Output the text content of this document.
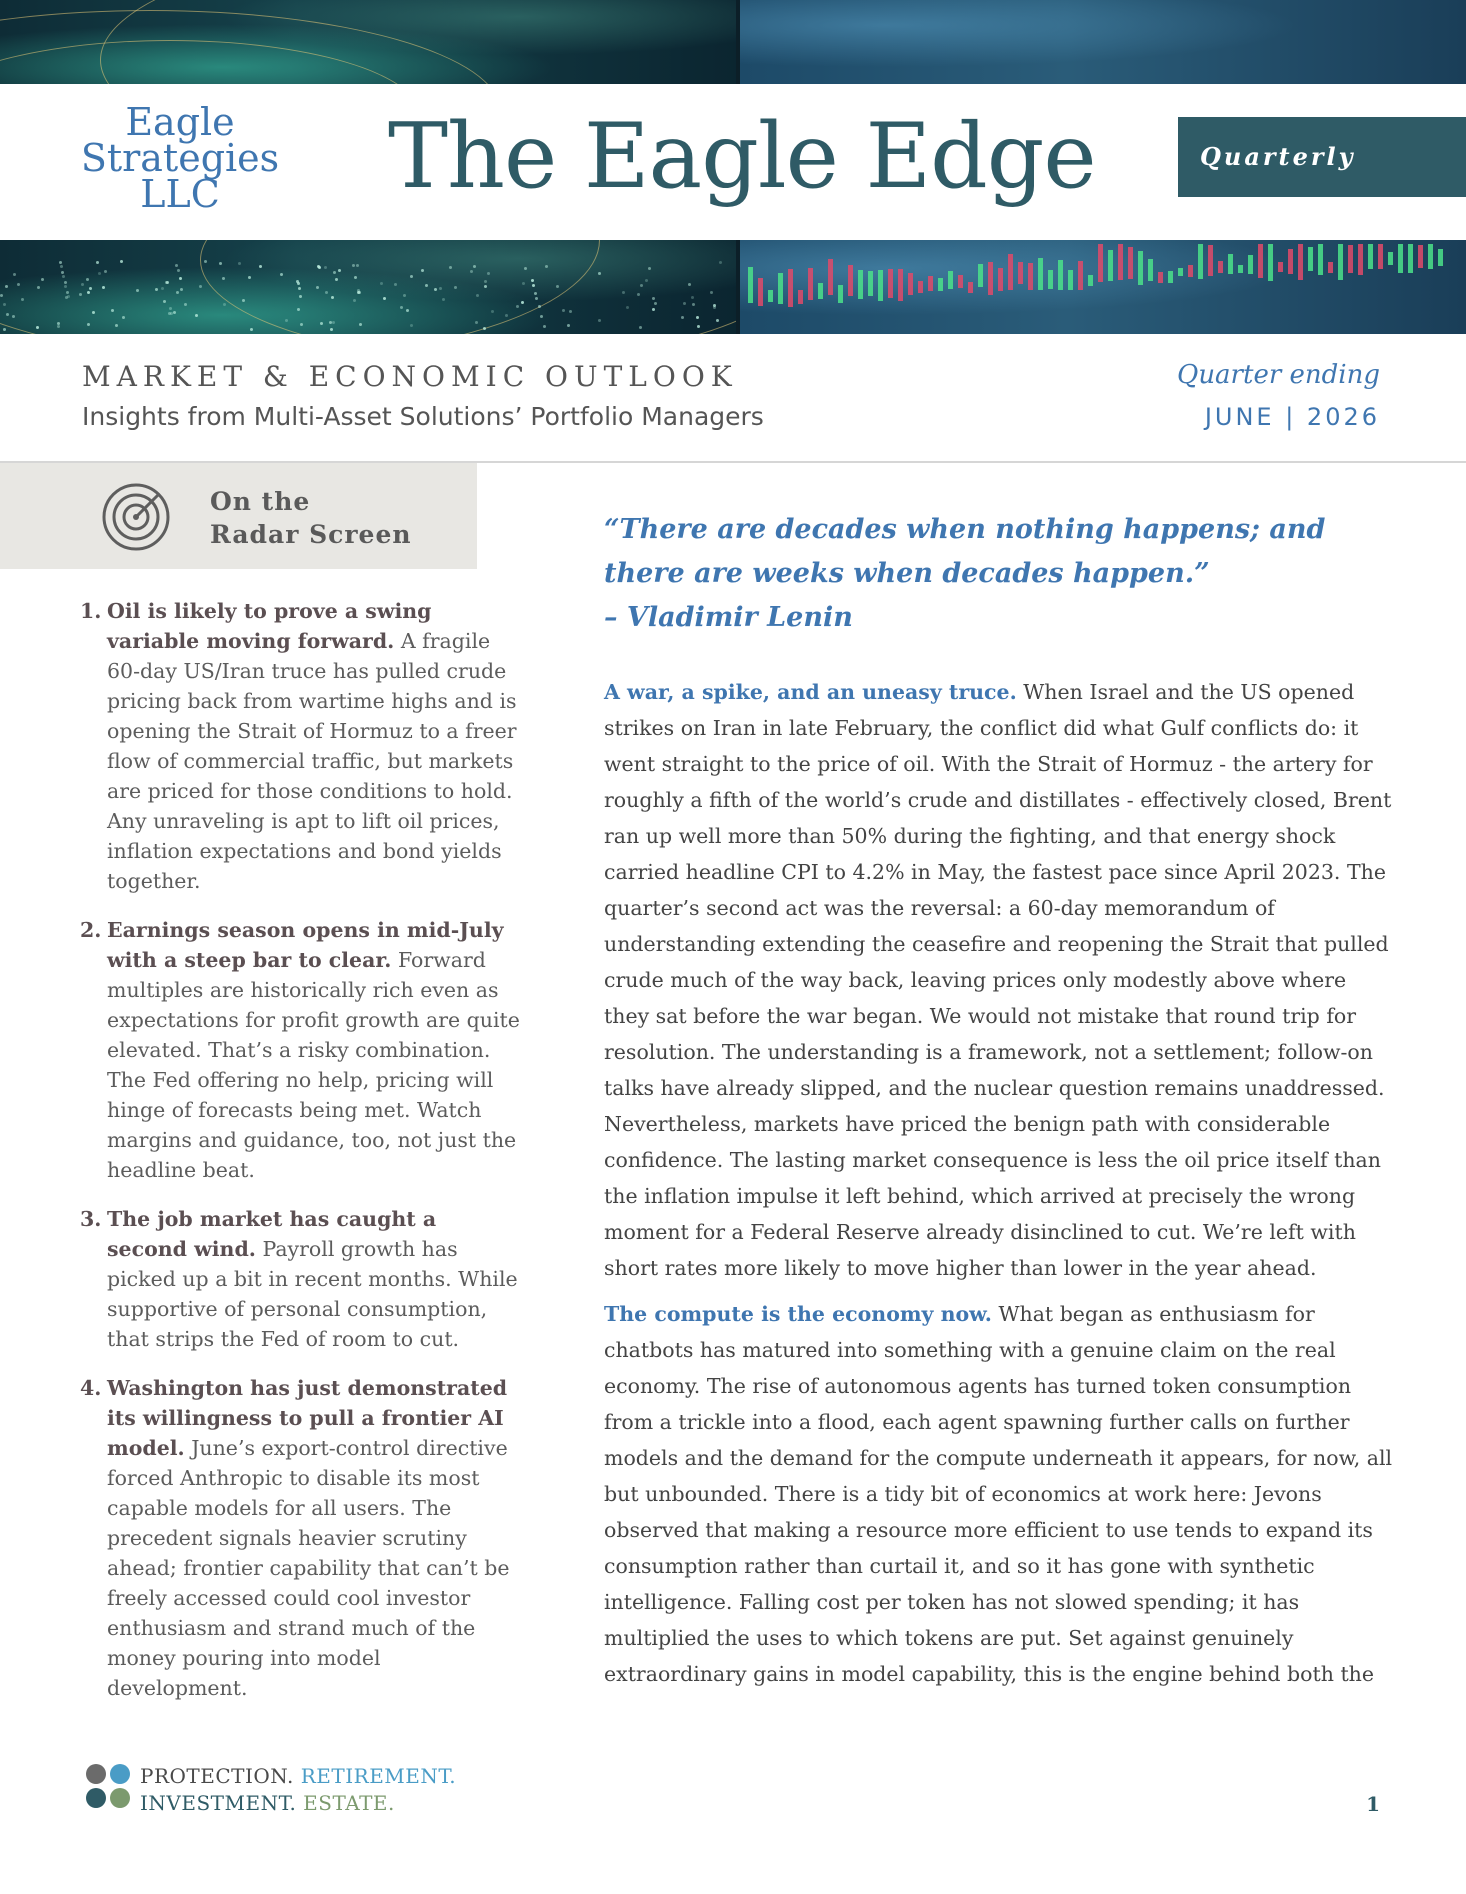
Eagle
Strategies
LLC	The Eagle Edge	Quarterly
MARKET & ECONOMIC OUTLOOK
Insights from Multi-Asset Solutions’ Portfolio Managers
Quarter ending
JUNE | 2026
On the
Radar Screen
1. Oil is likely to prove a swing variable moving forward. A fragile 60-day US/Iran truce has pulled crude pricing back from wartime highs and is opening the Strait of Hormuz to a freer flow of commercial traffic, but markets are priced for those conditions to hold. Any unraveling is apt to lift oil prices, inflation expectations and bond yields together.
2. Earnings season opens in mid-July with a steep bar to clear. Forward multiples are historically rich even as expectations for profit growth are quite elevated. That’s a risky combination. The Fed offering no help, pricing will hinge of forecasts being met. Watch margins and guidance, too, not just the headline beat.
3. The job market has caught a second wind. Payroll growth has picked up a bit in recent months. While supportive of personal consumption, that strips the Fed of room to cut.
4. Washington has just demonstrated its willingness to pull a frontier AI model. June’s export-control directive forced Anthropic to disable its most capable models for all users. The precedent signals heavier scrutiny ahead; frontier capability that can’t be freely accessed could cool investor enthusiasm and strand much of the money pouring into model development.
“There are decades when nothing happens; and
there are weeks when decades happen.”
– Vladimir Lenin

A war, a spike, and an uneasy truce. When Israel and the US opened strikes on Iran in late February, the conflict did what Gulf conflicts do: it went straight to the price of oil. With the Strait of Hormuz - the artery for roughly a fifth of the world’s crude and distillates - effectively closed, Brent ran up well more than 50% during the fighting, and that energy shock carried headline CPI to 4.2% in May, the fastest pace since April 2023. The quarter’s second act was the reversal: a 60-day memorandum of understanding extending the ceasefire and reopening the Strait that pulled crude much of the way back, leaving prices only modestly above where they sat before the war began. We would not mistake that round trip for resolution. The understanding is a framework, not a settlement; follow-on talks have already slipped, and the nuclear question remains unaddressed. Nevertheless, markets have priced the benign path with considerable confidence. The lasting market consequence is less the oil price itself than the inflation impulse it left behind, which arrived at precisely the wrong moment for a Federal Reserve already disinclined to cut. We’re left with short rates more likely to move higher than lower in the year ahead.

The compute is the economy now. What began as enthusiasm for chatbots has matured into something with a genuine claim on the real economy. The rise of autonomous agents has turned token consumption from a trickle into a flood, each agent spawning further calls on further models and the demand for the compute underneath it appears, for now, all but unbounded. There is a tidy bit of economics at work here: Jevons observed that making a resource more efficient to use tends to expand its consumption rather than curtail it, and so it has gone with synthetic intelligence. Falling cost per token has not slowed spending; it has multiplied the uses to which tokens are put. Set against genuinely extraordinary gains in model capability, this is the engine behind both the

PROTECTION. RETIREMENT.
INVESTMENT. ESTATE.	1
